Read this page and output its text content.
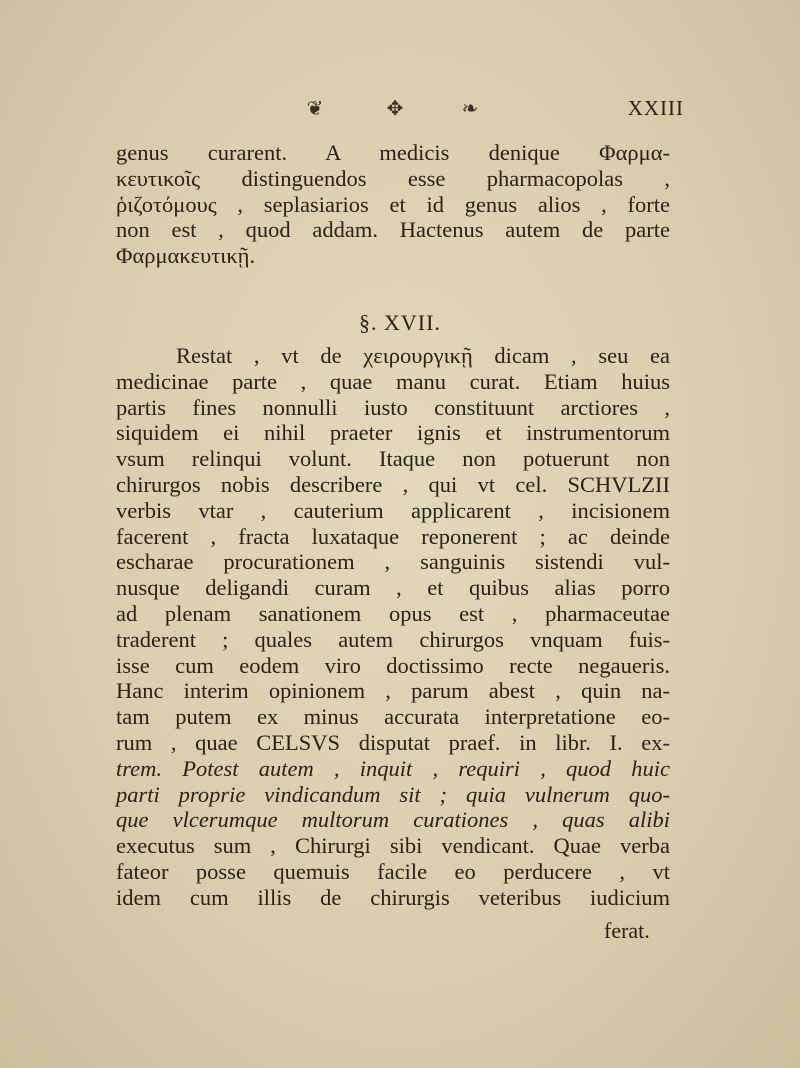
❦	✥	❧	XXIII
genus curarent. A medicis denique Φαρμα-
κευτικοῖς distinguendos esse pharmacopolas ,
ῥιζοτόμους , seplasiarios et id genus alios , forte
non est , quod addam. Hactenus autem de parte
Φαρμακευτικῇ.
§. XVII.
Restat , vt de χειρουργικῇ dicam , seu ea
medicinae parte , quae manu curat. Etiam huius
partis fines nonnulli iusto constituunt arctiores ,
siquidem ei nihil praeter ignis et instrumentorum
vsum relinqui volunt. Itaque non potuerunt non
chirurgos nobis describere , qui vt cel. SCHVLZII
verbis vtar , cauterium applicarent , incisionem
facerent , fracta luxataque reponerent ; ac deinde
escharae procurationem , sanguinis sistendi vul-
nusque deligandi curam , et quibus alias porro
ad plenam sanationem opus est , pharmaceutae
traderent ; quales autem chirurgos vnquam fuis-
isse cum eodem viro doctissimo recte negaueris.
Hanc interim opinionem , parum abest , quin na-
tam putem ex minus accurata interpretatione eo-
rum , quae CELSVS disputat praef. in libr. I. ex-
trem. Potest autem , inquit , requiri , quod huic
parti proprie vindicandum sit ; quia vulnerum quo-
que vlcerumque multorum curationes , quas alibi
executus sum , Chirurgi sibi vendicant. Quae verba
fateor posse quemuis facile eo perducere , vt
idem cum illis de chirurgis veteribus iudicium
ferat.
